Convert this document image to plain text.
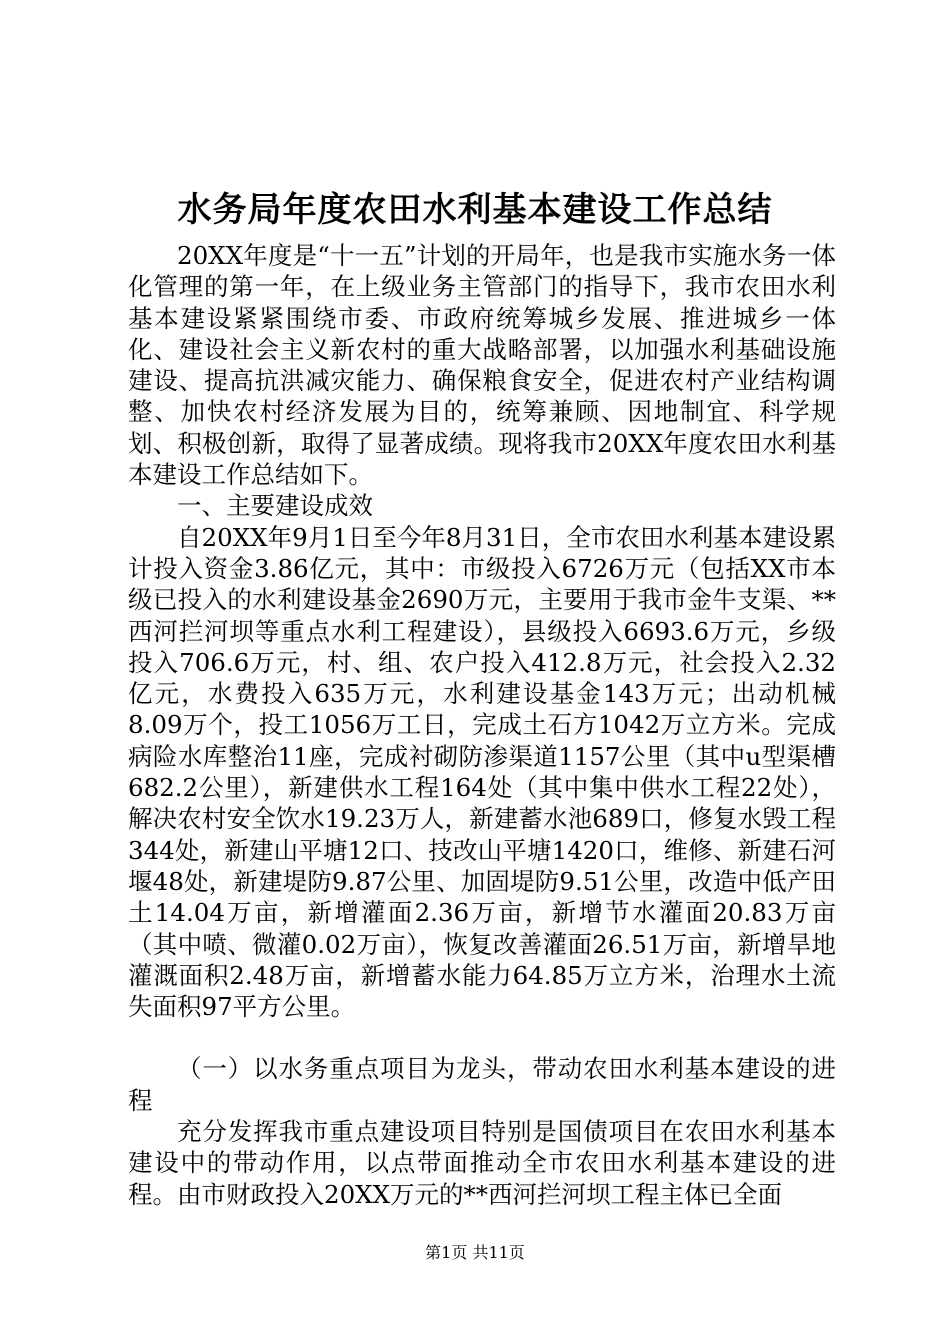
水务局年度农田水利基本建设工作总结

20XX年度是“十一五”计划的开局年，也是我市实施水务一体化管理的第一年，在上级业务主管部门的指导下，我市农田水利基本建设紧紧围绕市委、市政府统筹城乡发展、推进城乡一体化、建设社会主义新农村的重大战略部署，以加强水利基础设施建设、提高抗洪减灾能力、确保粮食安全，促进农村产业结构调整、加快农村经济发展为目的，统筹兼顾、因地制宜、科学规划、积极创新，取得了显著成绩。现将我市20XX年度农田水利基本建设工作总结如下。

一、主要建设成效

自20XX年9月1日至今年8月31日，全市农田水利基本建设累计投入资金3.86亿元，其中：市级投入6726万元（包括XX市本级已投入的水利建设基金2690万元，主要用于我市金牛支渠、**西河拦河坝等重点水利工程建设），县级投入6693.6万元，乡级投入706.6万元，村、组、农户投入412.8万元，社会投入2.32亿元，水费投入635万元，水利建设基金143万元；出动机械8.09万个，投工1056万工日，完成土石方1042万立方米。完成病险水库整治11座，完成衬砌防渗渠道1157公里（其中u型渠槽682.2公里），新建供水工程164处（其中集中供水工程22处），解决农村安全饮水19.23万人，新建蓄水池689口，修复水毁工程344处，新建山平塘12口、技改山平塘1420口，维修、新建石河堰48处，新建堤防9.87公里、加固堤防9.51公里，改造中低产田土14.04万亩，新增灌面2.36万亩，新增节水灌面20.83万亩（其中喷、微灌0.02万亩），恢复改善灌面26.51万亩，新增旱地灌溉面积2.48万亩，新增蓄水能力64.85万立方米，治理水土流失面积97平方公里。

（一）以水务重点项目为龙头，带动农田水利基本建设的进程

充分发挥我市重点建设项目特别是国债项目在农田水利基本建设中的带动作用，以点带面推动全市农田水利基本建设的进程。由市财政投入20XX万元的**西河拦河坝工程主体已全面

第1页 共11页
